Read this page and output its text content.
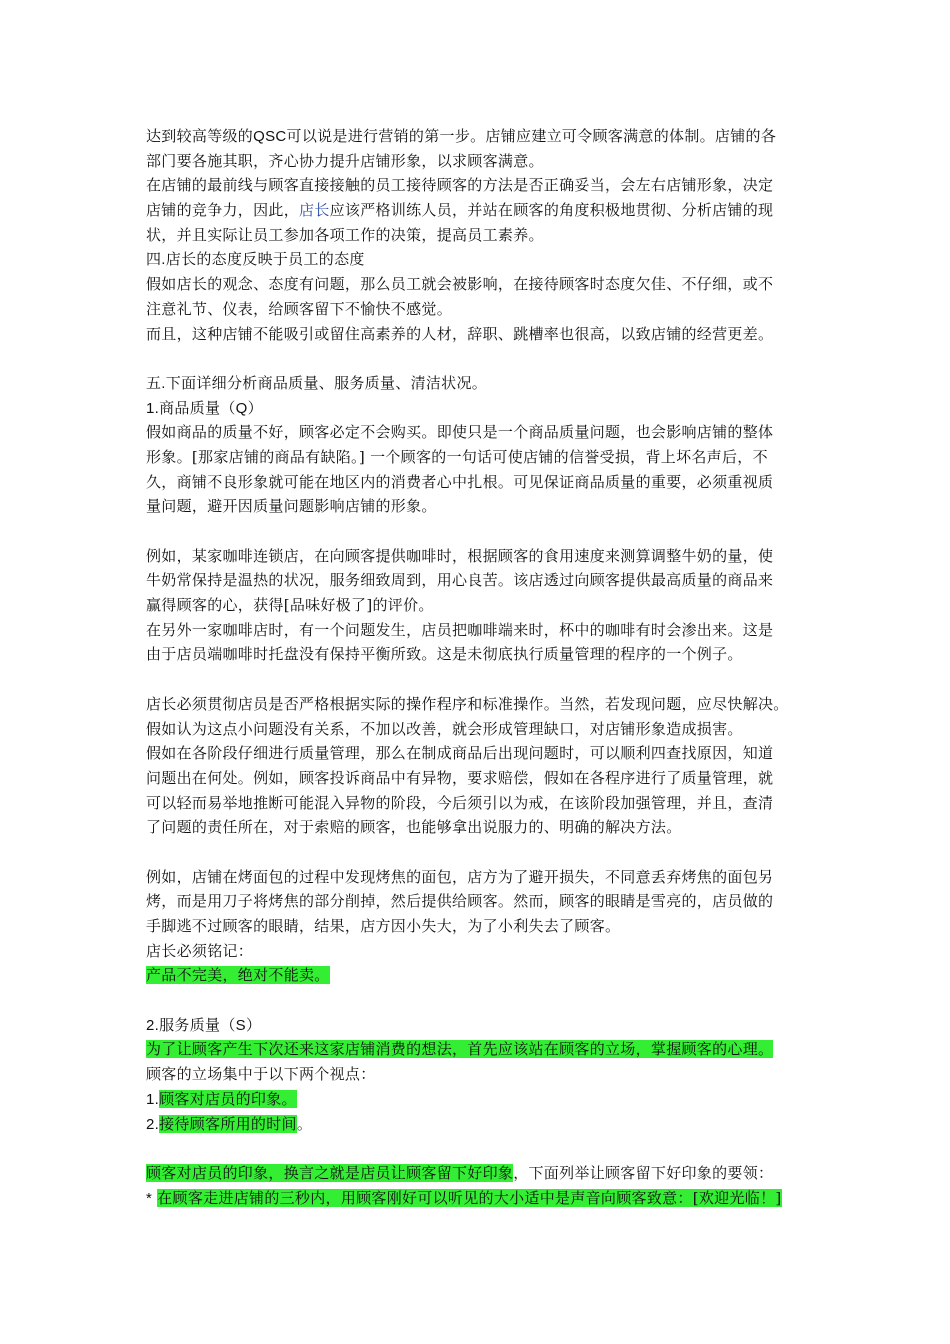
达到较高等级的QSC可以说是进行营销的第一步。店铺应建立可令顾客满意的体制。店铺的各
部门要各施其职，齐心协力提升店铺形象，以求顾客满意。
在店铺的最前线与顾客直接接触的员工接待顾客的方法是否正确妥当，会左右店铺形象，决定
店铺的竞争力，因此，店长应该严格训练人员，并站在顾客的角度积极地贯彻、分析店铺的现
状，并且实际让员工参加各项工作的决策，提高员工素养。
四.店长的态度反映于员工的态度
假如店长的观念、态度有问题，那么员工就会被影响，在接待顾客时态度欠佳、不仔细，或不
注意礼节、仪表，给顾客留下不愉快不感觉。
而且，这种店铺不能吸引或留住高素养的人材，辞职、跳槽率也很高，以致店铺的经营更差。
五.下面详细分析商品质量、服务质量、清洁状况。
1.商品质量（Q）
假如商品的质量不好，顾客必定不会购买。即使只是一个商品质量问题，也会影响店铺的整体
形象。[那家店铺的商品有缺陷。] 一个顾客的一句话可使店铺的信誉受损，背上坏名声后，不
久，商铺不良形象就可能在地区内的消费者心中扎根。可见保证商品质量的重要，必须重视质
量问题，避开因质量问题影响店铺的形象。
例如，某家咖啡连锁店，在向顾客提供咖啡时，根据顾客的食用速度来测算调整牛奶的量，使
牛奶常保持是温热的状况，服务细致周到，用心良苦。该店透过向顾客提供最高质量的商品来
赢得顾客的心，获得[品味好极了]的评价。
在另外一家咖啡店时，有一个问题发生，店员把咖啡端来时，杯中的咖啡有时会渗出来。这是
由于店员端咖啡时托盘没有保持平衡所致。这是未彻底执行质量管理的程序的一个例子。
店长必须贯彻店员是否严格根据实际的操作程序和标准操作。当然，若发现问题，应尽快解决。
假如认为这点小问题没有关系，不加以改善，就会形成管理缺口，对店铺形象造成损害。
假如在各阶段仔细进行质量管理，那么在制成商品后出现问题时，可以顺利四查找原因，知道
问题出在何处。例如，顾客投诉商品中有异物，要求赔偿，假如在各程序进行了质量管理，就
可以轻而易举地推断可能混入异物的阶段，今后须引以为戒，在该阶段加强管理，并且，查清
了问题的责任所在，对于索赔的顾客，也能够拿出说服力的、明确的解决方法。
例如，店铺在烤面包的过程中发现烤焦的面包，店方为了避开损失，不同意丢弃烤焦的面包另
烤，而是用刀子将烤焦的部分削掉，然后提供给顾客。然而，顾客的眼睛是雪亮的，店员做的
手脚逃不过顾客的眼睛，结果，店方因小失大，为了小利失去了顾客。
店长必须铭记：
产品不完美，绝对不能卖。
2.服务质量（S）
为了让顾客产生下次还来这家店铺消费的想法，首先应该站在顾客的立场，掌握顾客的心理。
顾客的立场集中于以下两个视点：
1.顾客对店员的印象。
2.接待顾客所用的时间。
顾客对店员的印象，换言之就是店员让顾客留下好印象，下面列举让顾客留下好印象的要领：
* 在顾客走进店铺的三秒内，用顾客刚好可以听见的大小适中是声音向顾客致意：[欢迎光临！]
